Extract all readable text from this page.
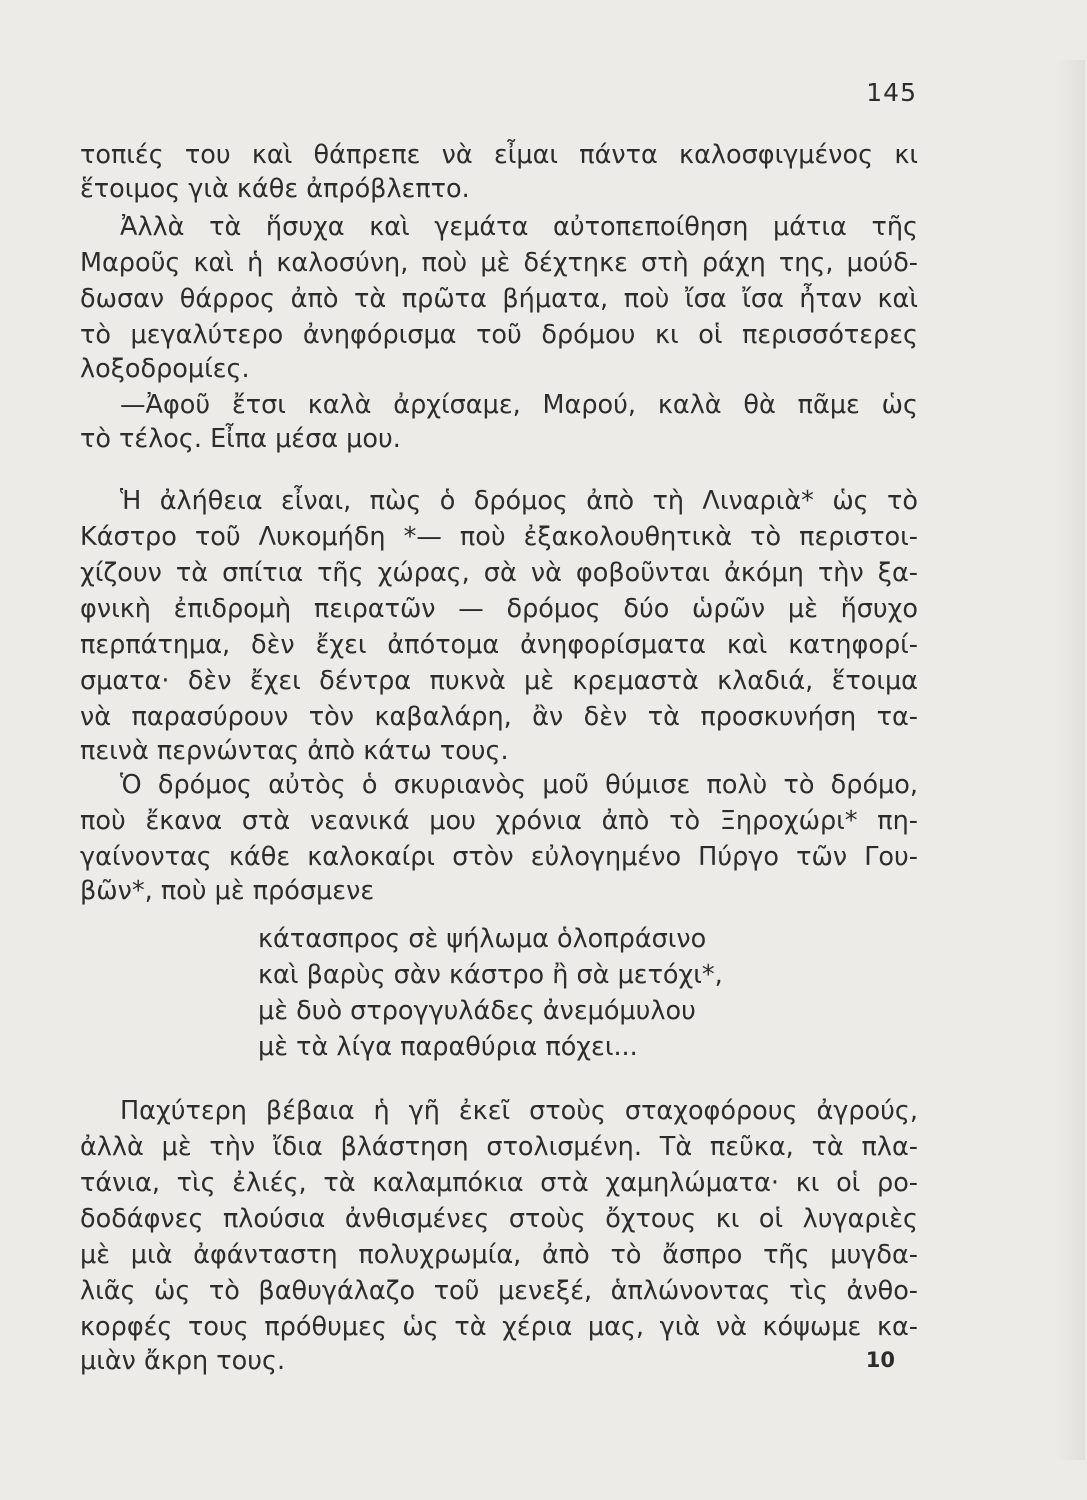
145
τοπιές του καὶ θάπρεπε νὰ εἶμαι πάντα καλοσφιγμένος κι
ἕτοιμος γιὰ κάθε ἀπρόβλεπτο.
Ἀλλὰ τὰ ἥσυχα καὶ γεμάτα αὐτοπεποίθηση μάτια τῆς
Μαροῦς καὶ ἡ καλοσύνη, ποὺ μὲ δέχτηκε στὴ ράχη της, μούδ-
δωσαν θάρρος ἀπὸ τὰ πρῶτα βήματα, ποὺ ἴσα ἴσα ἦταν καὶ
τὸ μεγαλύτερο ἀνηφόρισμα τοῦ δρόμου κι οἱ περισσότερες
λοξοδρομίες.
—Ἀφοῦ ἔτσι καλὰ ἀρχίσαμε, Μαρού, καλὰ θὰ πᾶμε ὡς
τὸ τέλος. Εἶπα μέσα μου.
Ἡ ἀλήθεια εἶναι, πὼς ὁ δρόμος ἀπὸ τὴ Λιναριὰ* ὡς τὸ
Κάστρο τοῦ Λυκομήδη *— ποὺ ἐξακολουθητικὰ τὸ περιστοι-
χίζουν τὰ σπίτια τῆς χώρας, σὰ νὰ φοβοῦνται ἀκόμη τὴν ξα-
φνικὴ ἐπιδρομὴ πειρατῶν — δρόμος δύο ὡρῶν μὲ ἥσυχο
περπάτημα, δὲν ἔχει ἀπότομα ἀνηφορίσματα καὶ κατηφορί-
σματα· δὲν ἔχει δέντρα πυκνὰ μὲ κρεμαστὰ κλαδιά, ἕτοιμα
νὰ παρασύρουν τὸν καβαλάρη, ἂν δὲν τὰ προσκυνήση τα-
πεινὰ περνώντας ἀπὸ κάτω τους.
Ὁ δρόμος αὐτὸς ὁ σκυριανὸς μοῦ θύμισε πολὺ τὸ δρόμο,
ποὺ ἔκανα στὰ νεανικά μου χρόνια ἀπὸ τὸ Ξηροχώρι* πη-
γαίνοντας κάθε καλοκαίρι στὸν εὐλογημένο Πύργο τῶν Γου-
βῶν*, ποὺ μὲ πρόσμενε
κάτασπρος σὲ ψήλωμα ὁλοπράσινο
καὶ βαρὺς σὰν κάστρο ἢ σὰ μετόχι*,
μὲ δυὸ στρογγυλάδες ἀνεμόμυλου
μὲ τὰ λίγα παραθύρια πόχει...
Παχύτερη βέβαια ἡ γῆ ἐκεῖ στοὺς σταχοφόρους ἀγρούς,
ἀλλὰ μὲ τὴν ἴδια βλάστηση στολισμένη. Τὰ πεῦκα, τὰ πλα-
τάνια, τὶς ἐλιές, τὰ καλαμπόκια στὰ χαμηλώματα· κι οἱ ρο-
δοδάφνες πλούσια ἀνθισμένες στοὺς ὄχτους κι οἱ λυγαριὲς
μὲ μιὰ ἀφάνταστη πολυχρωμία, ἀπὸ τὸ ἄσπρο τῆς μυγδα-
λιᾶς ὡς τὸ βαθυγάλαζο τοῦ μενεξέ, ἁπλώνοντας τὶς ἀνθο-
κορφές τους πρόθυμες ὡς τὰ χέρια μας, γιὰ νὰ κόψωμε κα-
μιὰν ἄκρη τους.	10
